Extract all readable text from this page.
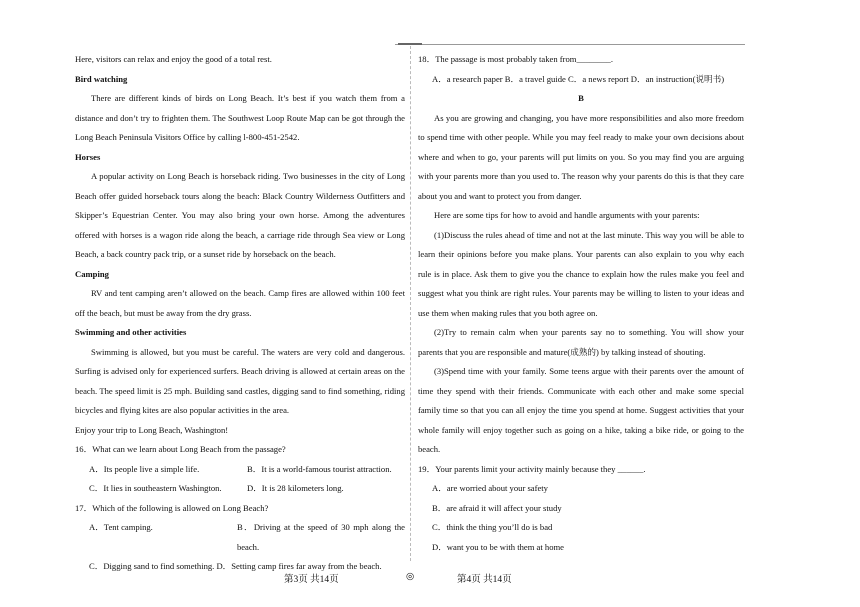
Here, visitors can relax and enjoy the good of a total rest.

Bird watching

There are different kinds of birds on Long Beach. It’s best if you watch them from a distance and don’t try to frighten them. The Southwest Loop Route Map can be got through the Long Beach Peninsula Visitors Office by calling l-800-451-2542.

Horses

A popular activity on Long Beach is horseback riding. Two businesses in the city of Long Beach offer guided horseback tours along the beach: Black Country Wilderness Outfitters and Skipper’s Equestrian Center. You may also bring your own horse. Among the adventures offered with horses is a wagon ride along the beach, a carriage ride through Sea view or Long Beach, a back country pack trip, or a sunset ride by horseback on the beach.

Camping

RV and tent camping aren’t allowed on the beach. Camp fires are allowed within 100 feet off the beach, but must be away from the dry grass.

Swimming and other activities

Swimming is allowed, but you must be careful. The waters are very cold and dangerous. Surfing is advised only for experienced surfers. Beach driving is allowed at certain areas on the beach. The speed limit is 25 mph. Building sand castles, digging sand to find something, riding bicycles and flying kites are also popular activities in the area.

Enjoy your trip to Long Beach, Washington!

16．What can we learn about Long Beach from the passage?

A．Its people live a simple life.	B．It is a world-famous tourist attraction.

C．It lies in southeastern Washington.	D．It is 28 kilometers long.

17．Which of the following is allowed on Long Beach?

A．Tent camping.	B．Driving at the speed of 30 mph along the beach.

C．Digging sand to find something. D．Setting camp fires far away from the beach.

18．The passage is most probably taken from________.

A．a research paper B．a travel guide C．a news report D．an instruction(说明书)

B

As you are growing and changing, you have more responsibilities and also more freedom to spend time with other people. While you may feel ready to make your own decisions about where and when to go, your parents will put limits on you. So you may find you are arguing with your parents more than you used to. The reason why your parents do this is that they care about you and want to protect you from danger.

Here are some tips for how to avoid and handle arguments with your parents:

(1)Discuss the rules ahead of time and not at the last minute. This way you will be able to learn their opinions before you make plans. Your parents can also explain to you why each rule is in place. Ask them to give you the chance to explain how the rules make you feel and suggest what you think are right rules. Your parents may be willing to listen to your ideas and use them when making rules that you both agree on.

(2)Try to remain calm when your parents say no to something. You will show your parents that you are responsible and mature(成熟的) by talking instead of shouting.

(3)Spend time with your family. Some teens argue with their parents over the amount of time they spend with their friends. Communicate with each other and make some special family time so that you can all enjoy the time you spend at home. Suggest activities that your whole family will enjoy together such as going on a hike, taking a bike ride, or going to the beach.

19．Your parents limit your activity mainly because they ______.

A．are worried about your safety

B．are afraid it will affect your study

C．think the thing you’ll do is bad

D．want you to be with them at home

第3页 共14页	◎	第4页 共14页
